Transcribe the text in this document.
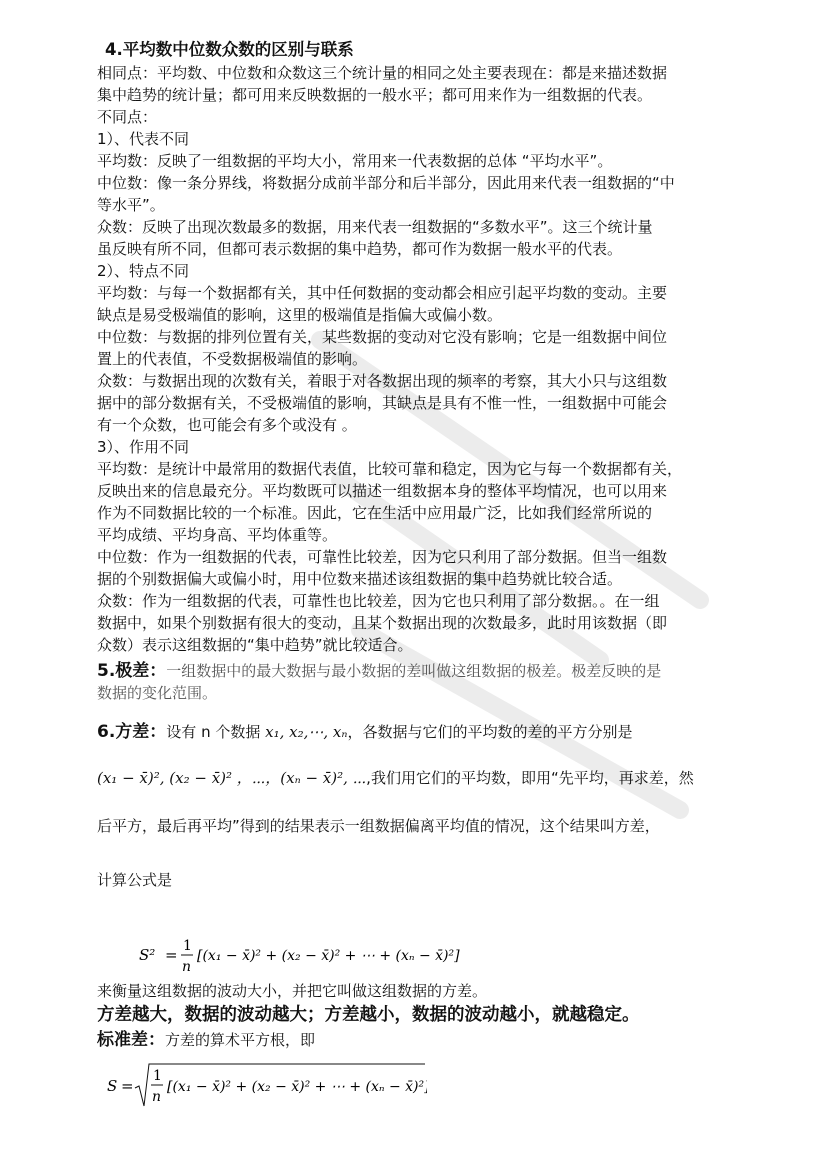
4.平均数中位数众数的区别与联系
相同点：平均数、中位数和众数这三个统计量的相同之处主要表现在：都是来描述数据
集中趋势的统计量；都可用来反映数据的一般水平；都可用来作为一组数据的代表。
不同点：
1）、代表不同
平均数：反映了一组数据的平均大小，常用来一代表数据的总体 “平均水平”。
中位数：像一条分界线，将数据分成前半部分和后半部分，因此用来代表一组数据的“中
等水平”。
众数：反映了出现次数最多的数据，用来代表一组数据的“多数水平”。这三个统计量
虽反映有所不同，但都可表示数据的集中趋势，都可作为数据一般水平的代表。
2）、特点不同
平均数：与每一个数据都有关，其中任何数据的变动都会相应引起平均数的变动。主要
缺点是易受极端值的影响，这里的极端值是指偏大或偏小数。
中位数：与数据的排列位置有关，某些数据的变动对它没有影响；它是一组数据中间位
置上的代表值，不受数据极端值的影响。
众数：与数据出现的次数有关，着眼于对各数据出现的频率的考察，其大小只与这组数
据中的部分数据有关，不受极端值的影响，其缺点是具有不惟一性，一组数据中可能会
有一个众数，也可能会有多个或没有 。
3）、作用不同
平均数：是统计中最常用的数据代表值，比较可靠和稳定，因为它与每一个数据都有关，
反映出来的信息最充分。平均数既可以描述一组数据本身的整体平均情况，也可以用来
作为不同数据比较的一个标准。因此，它在生活中应用最广泛，比如我们经常所说的
平均成绩、平均身高、平均体重等。
中位数：作为一组数据的代表，可靠性比较差，因为它只利用了部分数据。但当一组数
据的个别数据偏大或偏小时，用中位数来描述该组数据的集中趋势就比较合适。
众数：作为一组数据的代表，可靠性也比较差，因为它也只利用了部分数据。。在一组
数据中，如果个别数据有很大的变动，且某个数据出现的次数最多，此时用该数据（即
众数）表示这组数据的“集中趋势”就比较适合。
5.极差：一组数据中的最大数据与最小数据的差叫做这组数据的极差。极差反映的是
数据的变化范围。
6.方差：设有 n 个数据 x₁, x₂,⋯, xₙ，各数据与它们的平均数的差的平方分别是
(x₁ − x̄)², (x₂ − x̄)² ，⋯，(xₙ − x̄)², ⋯,我们用它们的平均数，即用“先平均，再求差，然
后平方，最后再平均”得到的结果表示一组数据偏离平均值的情况，这个结果叫方差，
计算公式是
S² = 1
n
[(x₁ − x̄)² + (x₂ − x̄)² + ⋯ + (xₙ − x̄)²]
来衡量这组数据的波动大小，并把它叫做这组数据的方差。
方差越大，数据的波动越大；方差越小，数据的波动越小，就越稳定。
标准差：方差的算术平方根，即
S =
1
n
[(x₁ − x̄)² + (x₂ − x̄)² + ⋯ + (xₙ − x̄)²]
